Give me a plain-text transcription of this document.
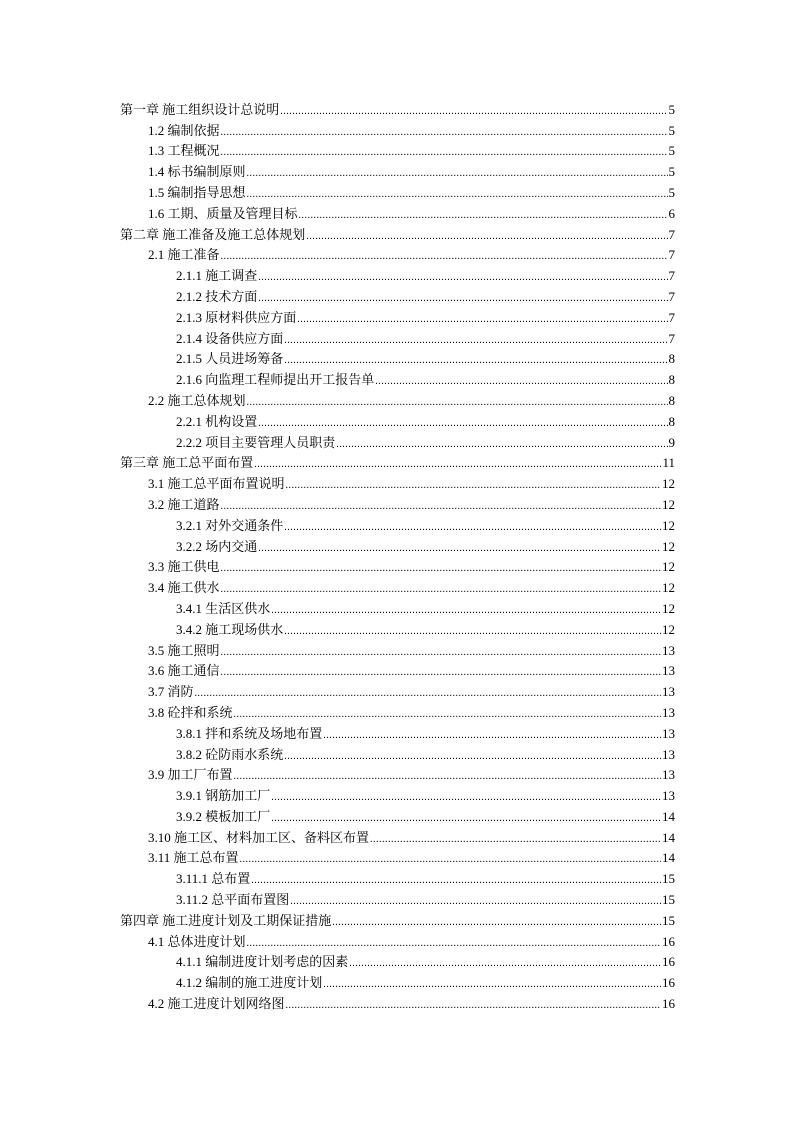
第一章 施工组织设计总说明 .....	5
1.2 编制依据 .....	5
1.3 工程概况 .....	5
1.4 标书编制原则 .....	5
1.5 编制指导思想 .....	5
1.6 工期、质量及管理目标 .....	6
第二章 施工准备及施工总体规划 .....	7
2.1 施工准备 .....	7
2.1.1 施工调查 .....	7
2.1.2 技术方面 .....	7
2.1.3 原材料供应方面 .....	7
2.1.4 设备供应方面 .....	7
2.1.5 人员进场筹备 .....	8
2.1.6 向监理工程师提出开工报告单 .....	8
2.2 施工总体规划 .....	8
2.2.1 机构设置 .....	8
2.2.2 项目主要管理人员职责 .....	9
第三章 施工总平面布置 .....	11
3.1 施工总平面布置说明 .....	12
3.2 施工道路 .....	12
3.2.1 对外交通条件 .....	12
3.2.2 场内交通 .....	12
3.3 施工供电 .....	12
3.4 施工供水 .....	12
3.4.1 生活区供水 .....	12
3.4.2 施工现场供水 .....	12
3.5 施工照明 .....	13
3.6 施工通信 .....	13
3.7 消防 .....	13
3.8 砼拌和系统 .....	13
3.8.1 拌和系统及场地布置 .....	13
3.8.2 砼防雨水系统 .....	13
3.9 加工厂布置 .....	13
3.9.1 钢筋加工厂 .....	13
3.9.2 模板加工厂 .....	14
3.10 施工区、材料加工区、备料区布置 .....	14
3.11 施工总布置 .....	14
3.11.1 总布置 .....	15
3.11.2 总平面布置图 .....	15
第四章 施工进度计划及工期保证措施 .....	15
4.1 总体进度计划 .....	16
4.1.1 编制进度计划考虑的因素 .....	16
4.1.2 编制的施工进度计划 .....	16
4.2 施工进度计划网络图 .....	16
